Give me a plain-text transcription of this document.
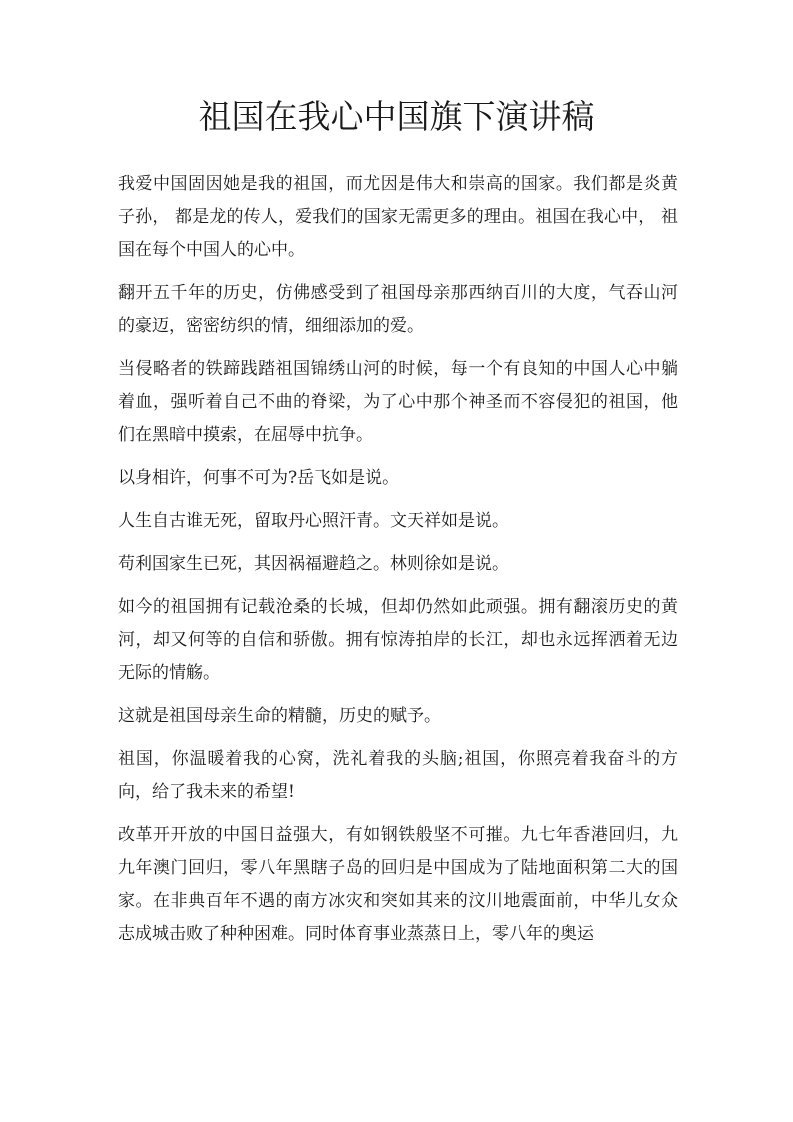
祖国在我心中国旗下演讲稿

我爱中国固因她是我的祖国，而尤因是伟大和崇高的国家。我们都是炎黄子孙， 都是龙的传人，爱我们的国家无需更多的理由。祖国在我心中， 祖国在每个中国人的心中。

翻开五千年的历史，仿佛感受到了祖国母亲那西纳百川的大度，气吞山河的豪迈，密密纺织的情，细细添加的爱。

当侵略者的铁蹄践踏祖国锦绣山河的时候，每一个有良知的中国人心中躺着血，强听着自己不曲的脊梁，为了心中那个神圣而不容侵犯的祖国，他们在黑暗中摸索，在屈辱中抗争。

以身相许，何事不可为?岳飞如是说。

人生自古谁无死，留取丹心照汗青。文天祥如是说。

苟利国家生已死，其因祸福避趋之。林则徐如是说。

如今的祖国拥有记载沧桑的长城，但却仍然如此顽强。拥有翻滚历史的黄河，却又何等的自信和骄傲。拥有惊涛拍岸的长江，却也永远挥洒着无边无际的情觞。

这就是祖国母亲生命的精髓，历史的赋予。

祖国，你温暖着我的心窝，洗礼着我的头脑;祖国，你照亮着我奋斗的方向，给了我未来的希望!

改革开开放的中国日益强大，有如钢铁般坚不可摧。九七年香港回归，九九年澳门回归，零八年黑瞎子岛的回归是中国成为了陆地面积第二大的国家。在非典百年不遇的南方冰灾和突如其来的汶川地震面前，中华儿女众志成城击败了种种困难。同时体育事业蒸蒸日上，零八年的奥运
